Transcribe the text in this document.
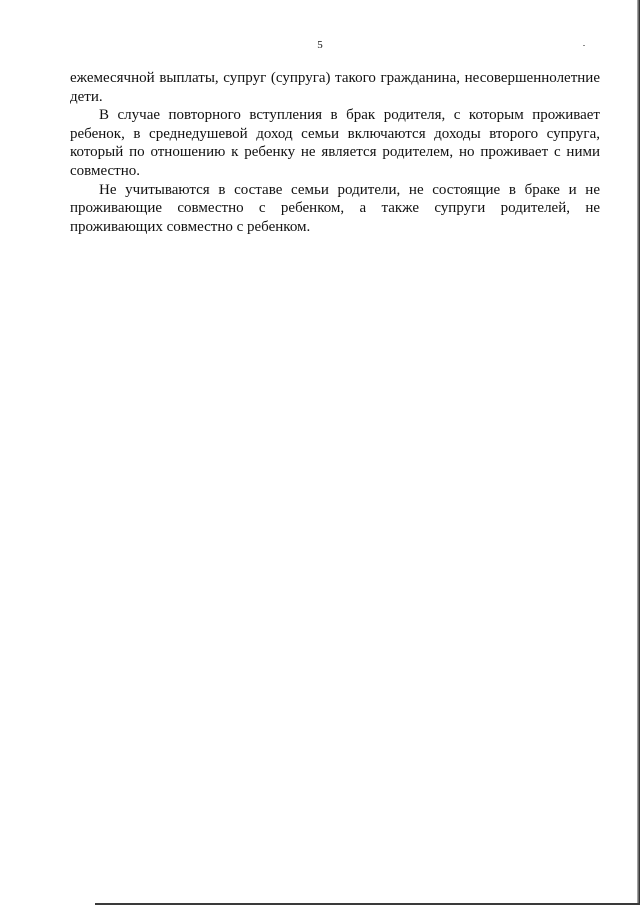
5

ежемесячной выплаты, супруг (супруга) такого гражданина, несовершеннолетние дети.

В случае повторного вступления в брак родителя, с которым проживает ребенок, в среднедушевой доход семьи включаются доходы второго супруга, который по отношению к ребенку не является родителем, но проживает с ними совместно.

Не учитываются в составе семьи родители, не состоящие в браке и не проживающие совместно с ребенком, а также супруги родителей, не проживающих совместно с ребенком.
